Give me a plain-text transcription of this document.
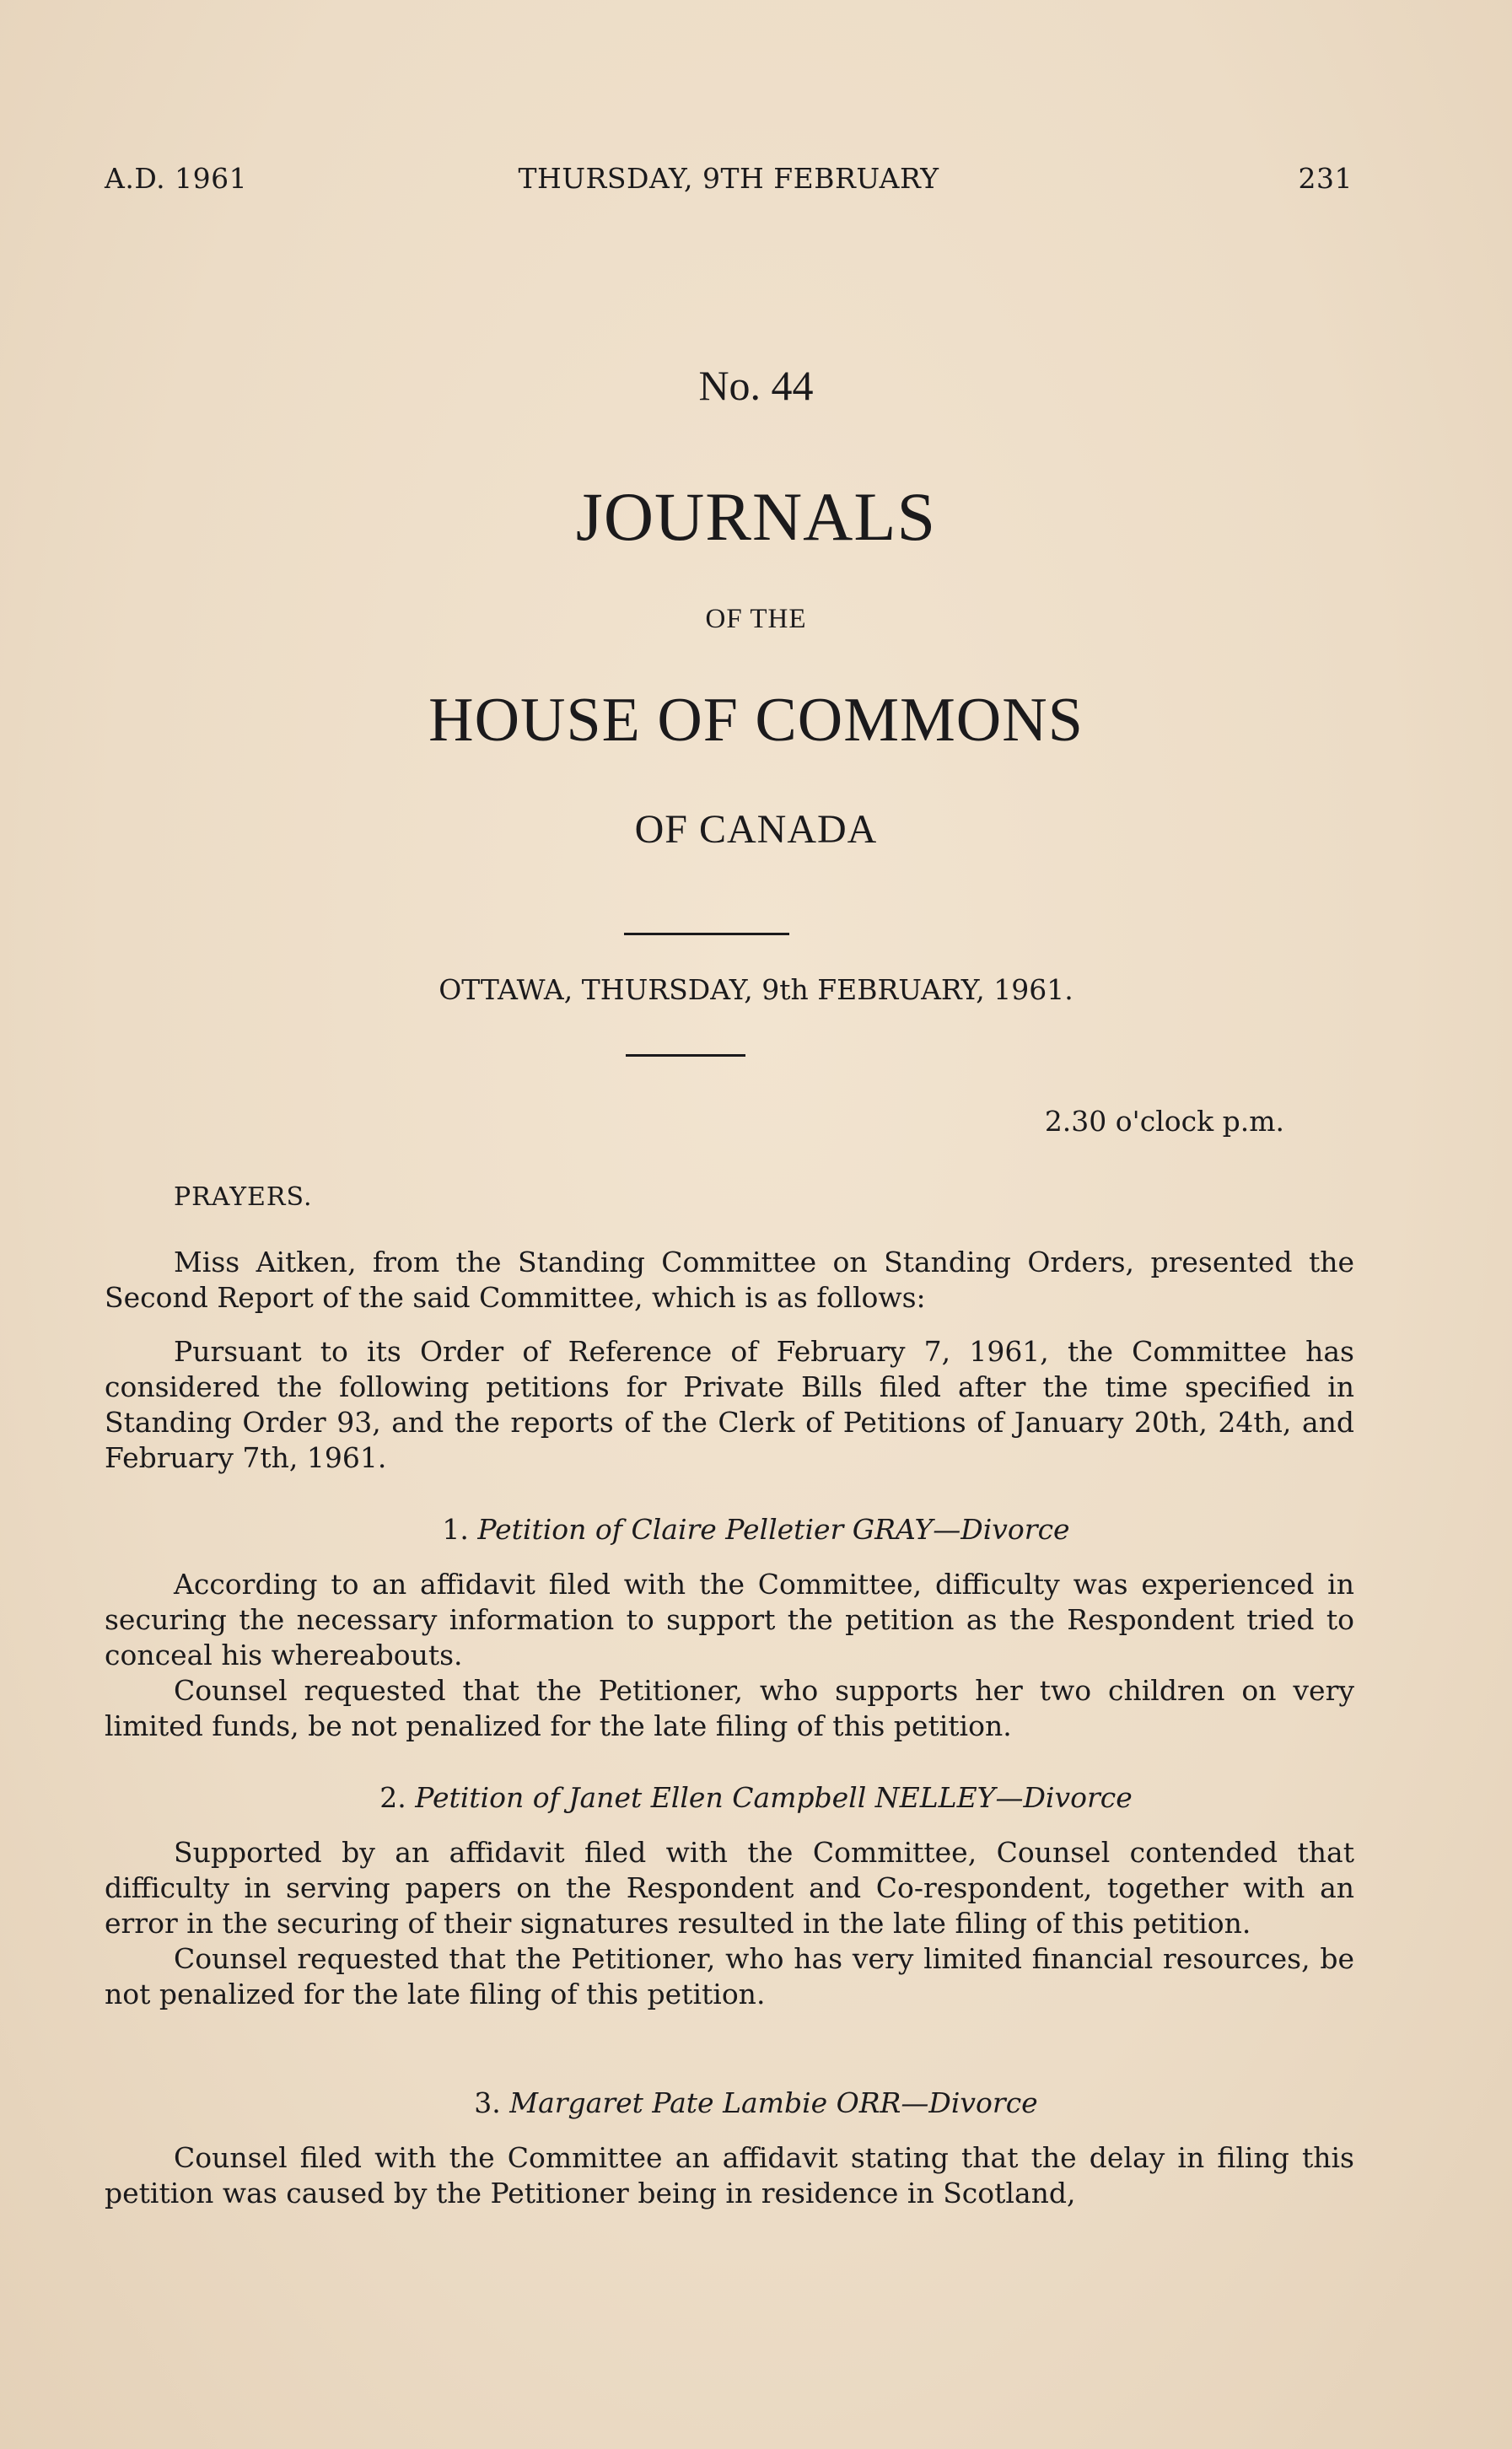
A.D. 1961	THURSDAY, 9TH FEBRUARY	231
No. 44
JOURNALS
OF THE
HOUSE OF COMMONS
OF CANADA
OTTAWA, THURSDAY, 9th FEBRUARY, 1961.
2.30 o'clock p.m.
PRAYERS.

Miss Aitken, from the Standing Committee on Standing Orders, presented the Second Report of the said Committee, which is as follows:

Pursuant to its Order of Reference of February 7, 1961, the Committee has considered the following petitions for Private Bills filed after the time specified in Standing Order 93, and the reports of the Clerk of Petitions of January 20th, 24th, and February 7th, 1961.

1. Petition of Claire Pelletier GRAY—Divorce

According to an affidavit filed with the Committee, difficulty was experienced in securing the necessary information to support the petition as the Respondent tried to conceal his whereabouts.

Counsel requested that the Petitioner, who supports her two children on very limited funds, be not penalized for the late filing of this petition.

2. Petition of Janet Ellen Campbell NELLEY—Divorce

Supported by an affidavit filed with the Committee, Counsel contended that difficulty in serving papers on the Respondent and Co-respondent, together with an error in the securing of their signatures resulted in the late filing of this petition.

Counsel requested that the Petitioner, who has very limited financial resources, be not penalized for the late filing of this petition.

3. Margaret Pate Lambie ORR—Divorce

Counsel filed with the Committee an affidavit stating that the delay in filing this petition was caused by the Petitioner being in residence in Scotland,
